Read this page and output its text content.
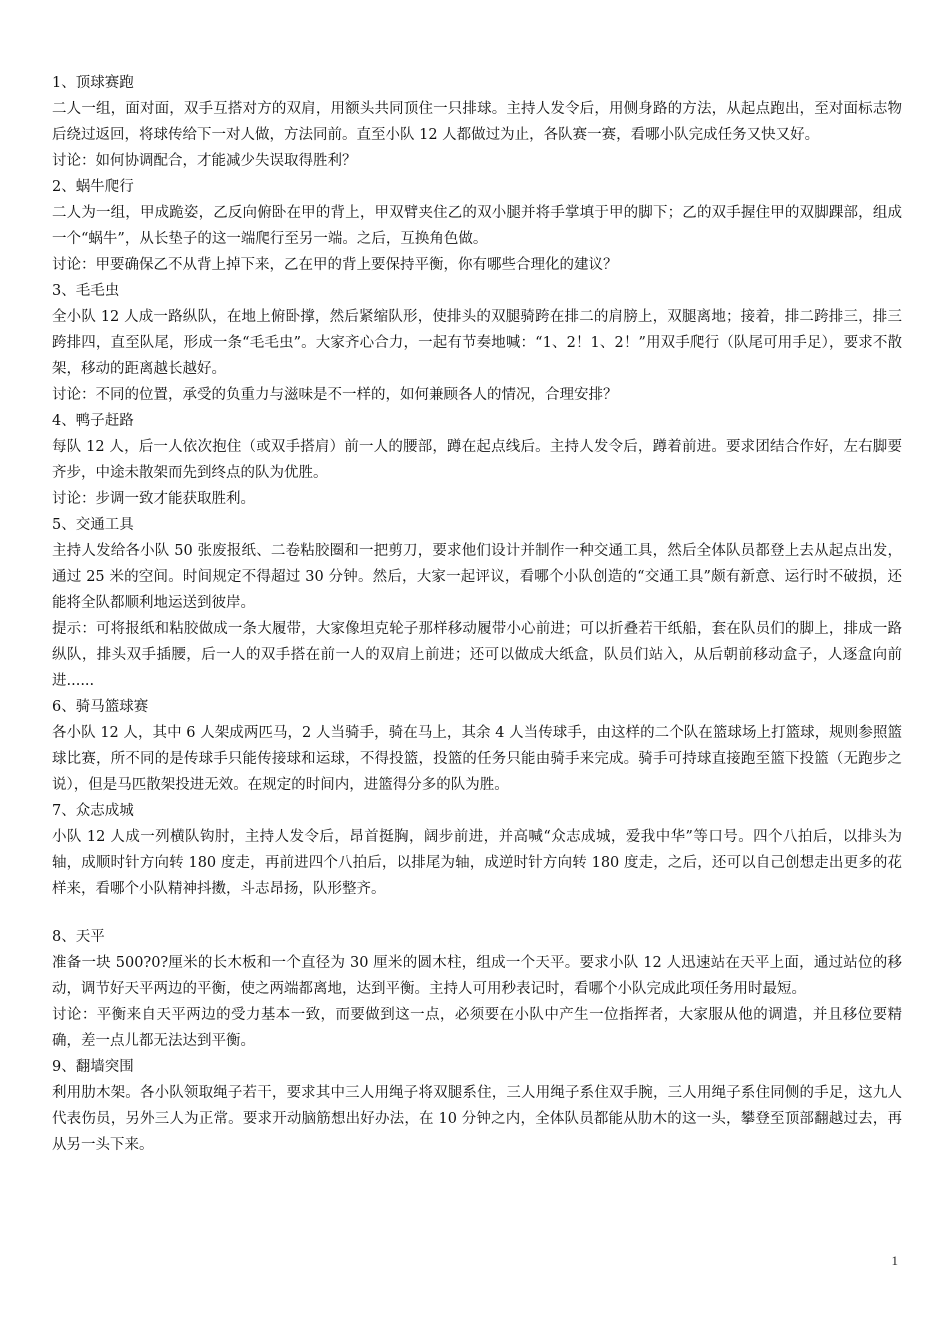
1、顶球赛跑
二人一组，面对面，双手互搭对方的双肩，用额头共同顶住一只排球。主持人发令后，用侧身路的方法，从起点跑出，至对面标志物后绕过返回，将球传给下一对人做，方法同前。直至小队 12 人都做过为止，各队赛一赛，看哪小队完成任务又快又好。
讨论：如何协调配合，才能减少失误取得胜利？
2、蜗牛爬行
二人为一组，甲成跪姿，乙反向俯卧在甲的背上，甲双臂夹住乙的双小腿并将手掌填于甲的脚下；乙的双手握住甲的双脚踝部，组成一个“蜗牛”，从长垫子的这一端爬行至另一端。之后，互换角色做。
讨论：甲要确保乙不从背上掉下来，乙在甲的背上要保持平衡，你有哪些合理化的建议？
3、毛毛虫
全小队 12 人成一路纵队，在地上俯卧撑，然后紧缩队形，使排头的双腿骑跨在排二的肩膀上，双腿离地；接着，排二跨排三，排三跨排四，直至队尾，形成一条“毛毛虫”。大家齐心合力，一起有节奏地喊：“1、2！1、2！”用双手爬行（队尾可用手足），要求不散架，移动的距离越长越好。
讨论：不同的位置，承受的负重力与滋味是不一样的，如何兼顾各人的情况，合理安排？
4、鸭子赶路
每队 12 人，后一人依次抱住（或双手搭肩）前一人的腰部，蹲在起点线后。主持人发令后，蹲着前进。要求团结合作好，左右脚要齐步，中途未散架而先到终点的队为优胜。
讨论：步调一致才能获取胜利。
5、交通工具
主持人发给各小队 50 张废报纸、二卷粘胶圈和一把剪刀，要求他们设计并制作一种交通工具，然后全体队员都登上去从起点出发，通过 25 米的空间。时间规定不得超过 30 分钟。然后，大家一起评议，看哪个小队创造的“交通工具”颇有新意、运行时不破损，还能将全队都顺利地运送到彼岸。
提示：可将报纸和粘胶做成一条大履带，大家像坦克轮子那样移动履带小心前进；可以折叠若干纸船，套在队员们的脚上，排成一路纵队，排头双手插腰，后一人的双手搭在前一人的双肩上前进；还可以做成大纸盒，队员们站入，从后朝前移动盒子，人逐盒向前进......
6、骑马篮球赛
各小队 12 人，其中 6 人架成两匹马，2 人当骑手，骑在马上，其余 4 人当传球手，由这样的二个队在篮球场上打篮球，规则参照篮球比赛，所不同的是传球手只能传接球和运球，不得投篮，投篮的任务只能由骑手来完成。骑手可持球直接跑至篮下投篮（无跑步之说），但是马匹散架投进无效。在规定的时间内，进篮得分多的队为胜。
7、众志成城
小队 12 人成一列横队钩肘，主持人发令后，昂首挺胸，阔步前进，并高喊“众志成城，爱我中华”等口号。四个八拍后，以排头为轴，成顺时针方向转 180 度走，再前进四个八拍后，以排尾为轴，成逆时针方向转 180 度走，之后，还可以自己创想走出更多的花样来，看哪个小队精神抖擞，斗志昂扬，队形整齐。
8、天平
准备一块 500?0?厘米的长木板和一个直径为 30 厘米的圆木柱，组成一个天平。要求小队 12 人迅速站在天平上面，通过站位的移动，调节好天平两边的平衡，使之两端都离地，达到平衡。主持人可用秒表记时，看哪个小队完成此项任务用时最短。
讨论：平衡来自天平两边的受力基本一致，而要做到这一点，必须要在小队中产生一位指挥者，大家服从他的调遣，并且移位要精确，差一点儿都无法达到平衡。
9、翻墙突围
利用肋木架。各小队领取绳子若干，要求其中三人用绳子将双腿系住，三人用绳子系住双手腕，三人用绳子系住同侧的手足，这九人代表伤员，另外三人为正常。要求开动脑筋想出好办法，在 10 分钟之内，全体队员都能从肋木的这一头，攀登至顶部翻越过去，再从另一头下来。
1
